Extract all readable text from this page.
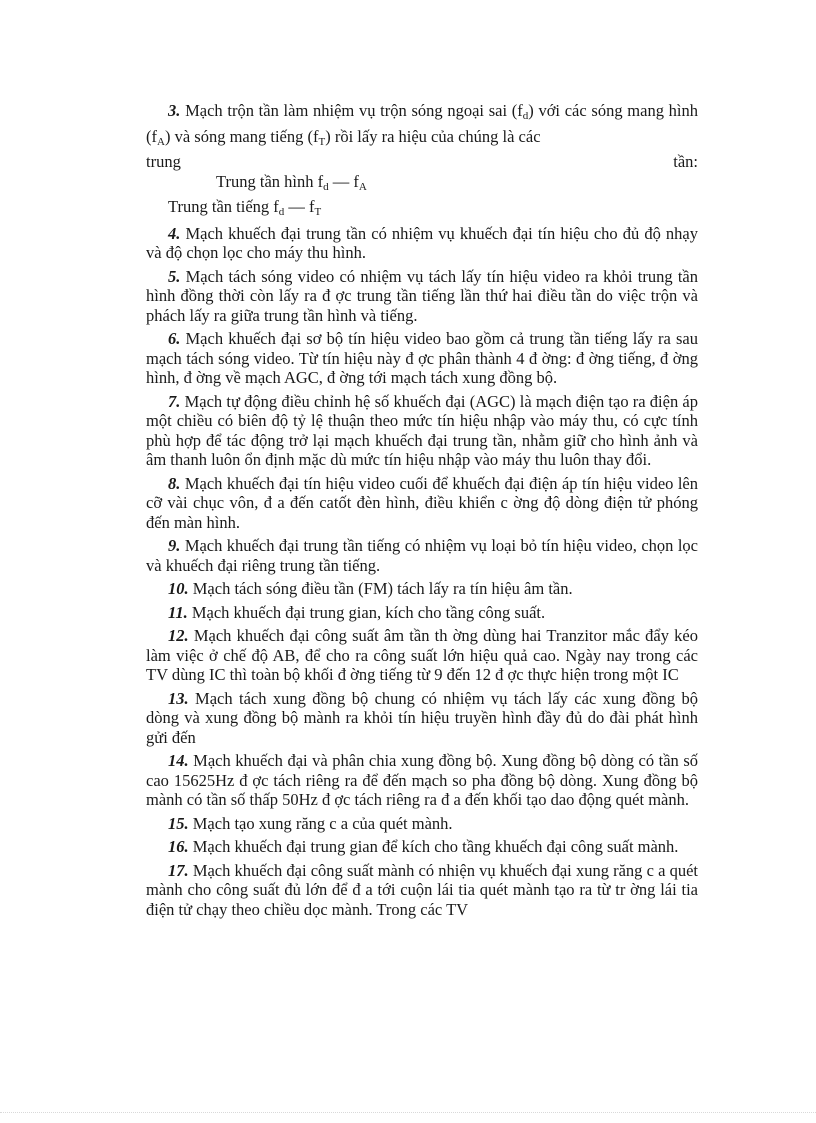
3. Mạch trộn tần làm nhiệm vụ trộn sóng ngoại sai $(f_d)$ với các sóng mang hình $(f_A)$ và sóng mang tiếng $(f_T)$ rồi lấy ra hiệu của chúng là các

trung	tần:

Trung tần hình $f_d$ — $f_A$

Trung tần tiếng $f_d$ — $f_T$

4. Mạch khuếch đại trung tần có nhiệm vụ khuếch đại tín hiệu cho đủ độ nhạy và độ chọn lọc cho máy thu hình.

5. Mạch tách sóng video có nhiệm vụ tách lấy tín hiệu video ra khỏi trung tần hình đồng thời còn lấy ra đ ợc trung tần tiếng lần thứ hai điều tần do việc trộn và phách lấy ra giữa trung tần hình và tiếng.

6. Mạch khuếch đại sơ bộ tín hiệu video bao gồm cả trung tần tiếng lấy ra sau mạch tách sóng video. Từ tín hiệu này đ ợc phân thành 4 đ ờng: đ ờng tiếng, đ ờng hình, đ ờng về mạch AGC, đ ờng tới mạch tách xung đồng bộ.

7. Mạch tự động điều chỉnh hệ số khuếch đại (AGC) là mạch điện tạo ra điện áp một chiều có biên độ tỷ lệ thuận theo mức tín hiệu nhập vào máy thu, có cực tính phù hợp để tác động trở lại mạch khuếch đại trung tần, nhằm giữ cho hình ảnh và âm thanh luôn ổn định mặc dù mức tín hiệu nhập vào máy thu luôn thay đổi.

8. Mạch khuếch đại tín hiệu video cuối để khuếch đại điện áp tín hiệu video lên cỡ vài chục vôn, đ a đến catốt đèn hình, điều khiển c ờng độ dòng điện tử phóng đến màn hình.

9. Mạch khuếch đại trung tần tiếng có nhiệm vụ loại bỏ tín hiệu video, chọn lọc và khuếch đại riêng trung tần tiếng.

10. Mạch tách sóng điều tần (FM) tách lấy ra tín hiệu âm tần.

11. Mạch khuếch đại trung gian, kích cho tầng công suất.

12. Mạch khuếch đại công suất âm tần th ờng dùng hai Tranzitor mắc đẩy kéo làm việc ở chế độ AB, để cho ra công suất lớn hiệu quả cao. Ngày nay trong các TV dùng IC thì toàn bộ khối đ ờng tiếng từ 9 đến 12 đ ợc thực hiện trong một IC

13. Mạch tách xung đồng bộ chung có nhiệm vụ tách lấy các xung đồng bộ dòng và xung đồng bộ mành ra khỏi tín hiệu truyền hình đầy đủ do đài phát hình gửi đến

14. Mạch khuếch đại và phân chia xung đồng bộ. Xung đồng bộ dòng có tần số cao 15625Hz đ ợc tách riêng ra để đến mạch so pha đồng bộ dòng. Xung đồng bộ mành có tần số thấp 50Hz đ ợc tách riêng ra đ a đến khối tạo dao động quét mành.

15. Mạch tạo xung răng c a của quét mành.

16. Mạch khuếch đại trung gian để kích cho tầng khuếch đại công suất mành.

17. Mạch khuếch đại công suất mành có nhiện vụ khuếch đại xung răng c a quét mành cho công suất đủ lớn để đ a tới cuộn lái tia quét mành tạo ra từ tr ờng lái tia điện tử chạy theo chiều dọc mành. Trong các TV
